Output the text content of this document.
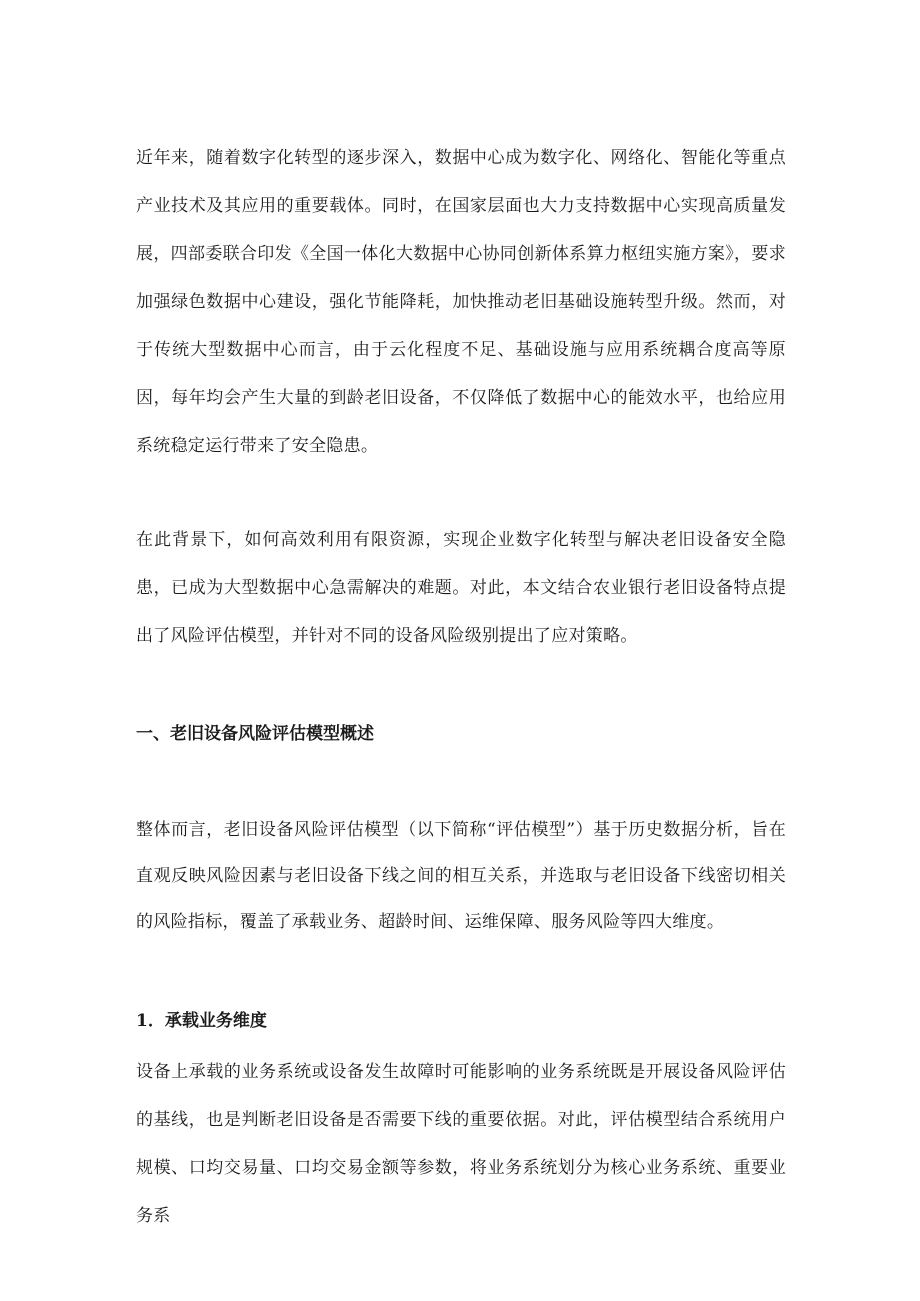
近年来，随着数字化转型的逐步深入，数据中心成为数字化、网络化、智能化等重点产业技术及其应用的重要载体。同时，在国家层面也大力支持数据中心实现高质量发展，四部委联合印发《全国一体化大数据中心协同创新体系算力枢纽实施方案》，要求加强绿色数据中心建设，强化节能降耗，加快推动老旧基础设施转型升级。然而，对于传统大型数据中心而言，由于云化程度不足、基础设施与应用系统耦合度高等原因，每年均会产生大量的到龄老旧设备，不仅降低了数据中心的能效水平，也给应用系统稳定运行带来了安全隐患。

在此背景下，如何高效利用有限资源，实现企业数字化转型与解决老旧设备安全隐患，已成为大型数据中心急需解决的难题。对此，本文结合农业银行老旧设备特点提出了风险评估模型，并针对不同的设备风险级别提出了应对策略。

一、老旧设备风险评估模型概述

整体而言，老旧设备风险评估模型（以下简称“评估模型”）基于历史数据分析，旨在直观反映风险因素与老旧设备下线之间的相互关系，并选取与老旧设备下线密切相关的风险指标，覆盖了承载业务、超龄时间、运维保障、服务风险等四大维度。

1．承载业务维度

设备上承载的业务系统或设备发生故障时可能影响的业务系统既是开展设备风险评估的基线，也是判断老旧设备是否需要下线的重要依据。对此，评估模型结合系统用户规模、口均交易量、口均交易金额等参数，将业务系统划分为核心业务系统、重要业务系
